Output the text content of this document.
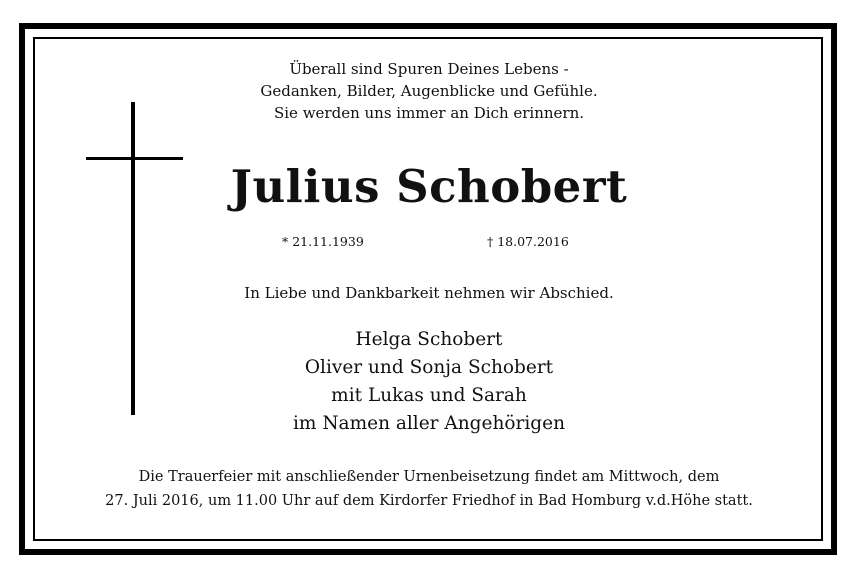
Überall sind Spuren Deines Lebens -
Gedanken, Bilder, Augenblicke und Gefühle.
Sie werden uns immer an Dich erinnern.
Julius Schobert
* 21.11.1939	† 18.07.2016
In Liebe und Dankbarkeit nehmen wir Abschied.
Helga Schobert
Oliver und Sonja Schobert
mit Lukas und Sarah
im Namen aller Angehörigen
Die Trauerfeier mit anschließender Urnenbeisetzung findet am Mittwoch, dem
27. Juli 2016, um 11.00 Uhr auf dem Kirdorfer Friedhof in Bad Homburg v.d.Höhe statt.
